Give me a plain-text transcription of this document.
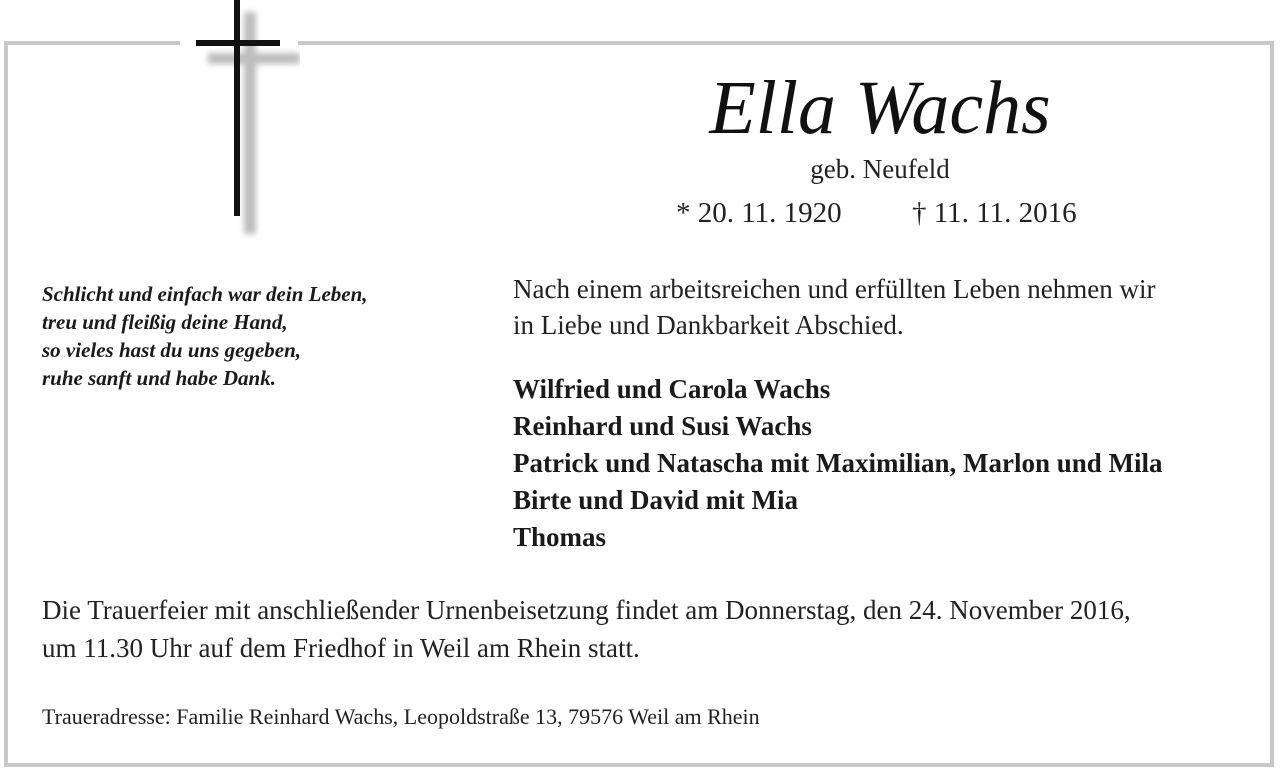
Ella Wachs
geb. Neufeld
* 20. 11. 1920 † 11. 11. 2016
Schlicht und einfach war dein Leben,
treu und fleißig deine Hand,
so vieles hast du uns gegeben,
ruhe sanft und habe Dank.
Nach einem arbeitsreichen und erfüllten Leben nehmen wir
in Liebe und Dankbarkeit Abschied.
Wilfried und Carola Wachs
Reinhard und Susi Wachs
Patrick und Natascha mit Maximilian, Marlon und Mila
Birte und David mit Mia
Thomas
Die Trauerfeier mit anschließender Urnenbeisetzung findet am Donnerstag, den 24. November 2016,
um 11.30 Uhr auf dem Friedhof in Weil am Rhein statt.
Traueradresse: Familie Reinhard Wachs, Leopoldstraße 13, 79576 Weil am Rhein
